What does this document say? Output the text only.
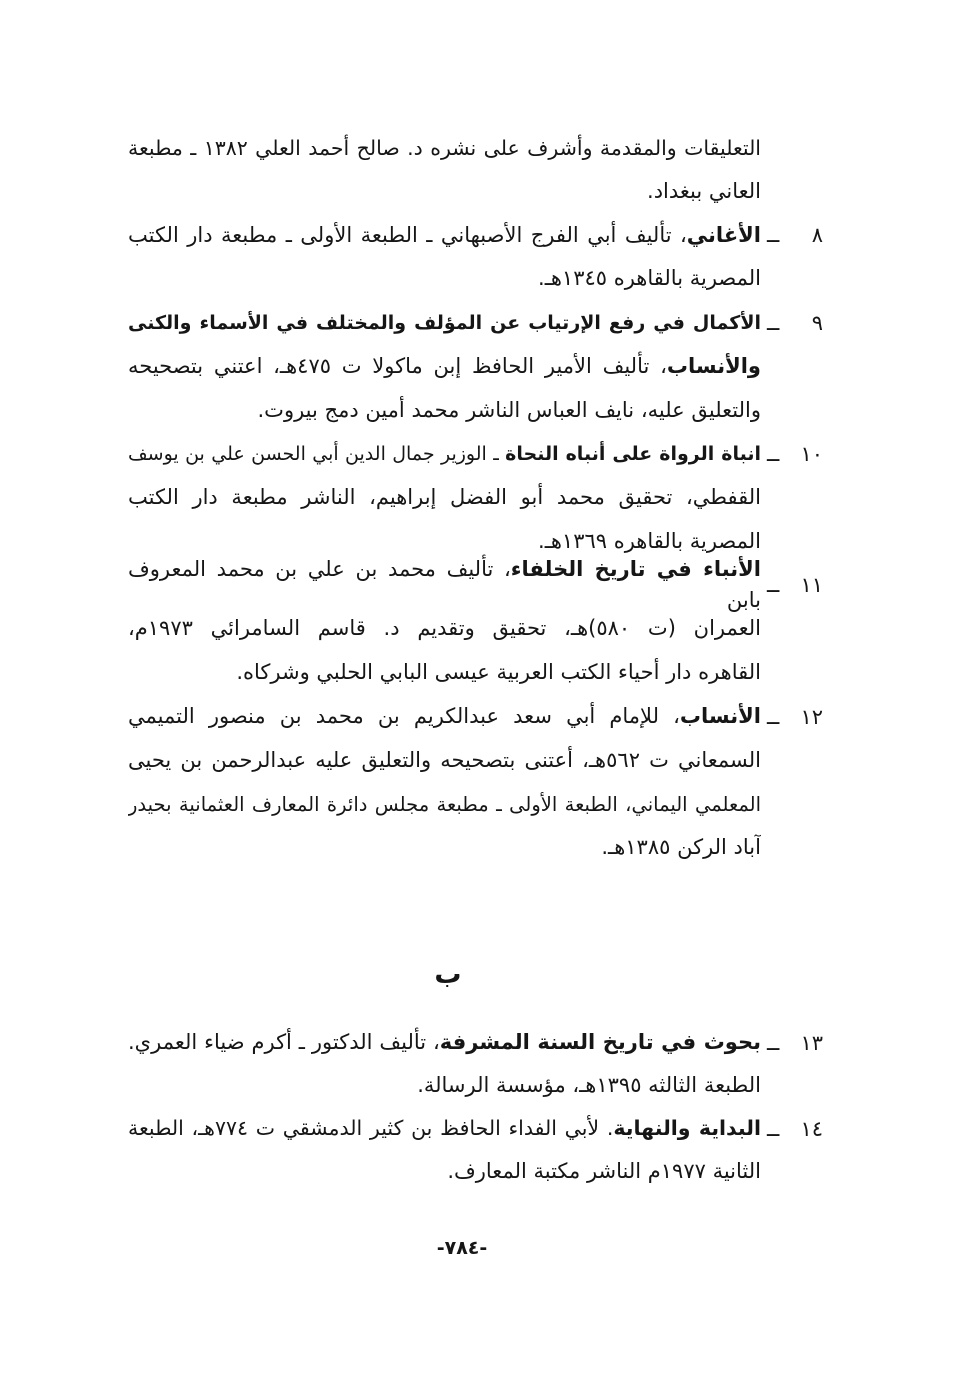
التعليقات والمقدمة وأشرف على نشره د. صالح أحمد العلي ١٣٨٢ ـ مطبعة
العاني ببغداد.
٨
ــ
الأغاني، تأليف أبي الفرج الأصبهاني ـ الطبعة الأولى ـ مطبعة دار الكتب
المصرية بالقاهره ١٣٤٥هـ.
٩
ــ
الأكمال في رفع الإرتياب عن المؤلف والمختلف في الأسماء والكنى
والأنساب، تأليف الأمير الحافظ إبن ماكولا ت ٤٧٥هـ، اعتني بتصحيحه
والتعليق عليه، نايف العباس الناشر محمد أمين دمج بيروت.
١٠
ــ
انباة الرواة على أنباه النحاة ـ الوزير جمال الدين أبي الحسن علي بن يوسف
القفطي، تحقيق محمد أبو الفضل إبراهيم، الناشر مطبعة دار الكتب
المصرية بالقاهره ١٣٦٩هـ.
١١
ــ
الأنباء في تاريخ الخلفاء، تأليف محمد بن علي بن محمد المعروف بابن
العمران (ت ٥٨٠)هـ، تحقيق وتقديم د. قاسم السامرائي ١٩٧٣م،
القاهره دار أحياء الكتب العربية عيسى البابي الحلبي وشركاه.
١٢
ــ
الأنساب، للإمام أبي سعد عبدالكريم بن محمد بن منصور التميمي
السمعاني ت ٥٦٢هـ، أعتنى بتصحيحه والتعليق عليه عبدالرحمن بن يحيى
المعلمي اليماني، الطبعة الأولى ـ مطبعة مجلس دائرة المعارف العثمانية بحيدر
آباد الركن ١٣٨٥هـ.
ب
١٣
ــ
بحوث في تاريخ السنة المشرفة، تأليف الدكتور ـ أكرم ضياء العمري.
الطبعة الثالثه ١٣٩٥هـ، مؤسسة الرسالة.
١٤
ــ
البداية والنهاية. لأبي الفداء الحافظ بن كثير الدمشقي ت ٧٧٤هـ، الطبعة
الثانية ١٩٧٧م الناشر مكتبة المعارف.
-٧٨٤-
